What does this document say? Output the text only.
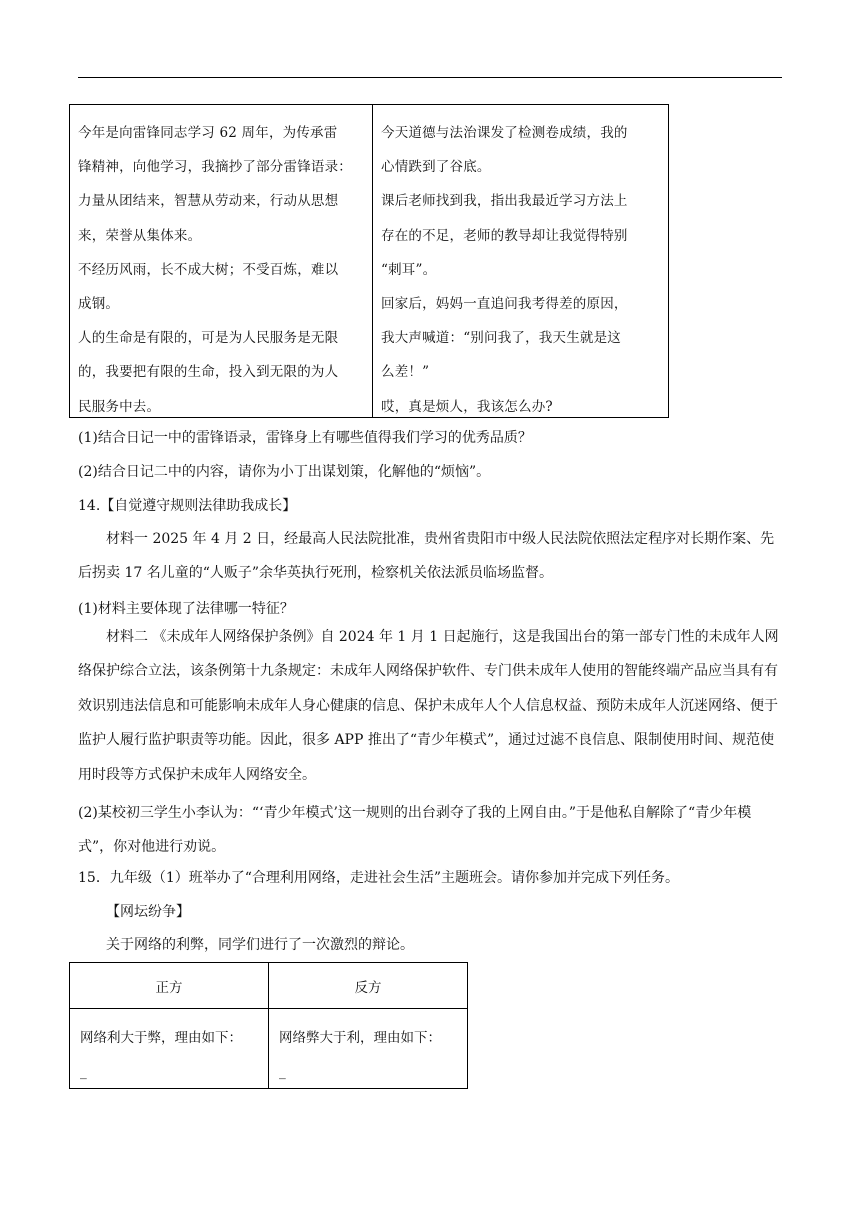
今年是向雷锋同志学习 62 周年，为传承雷

锋精神，向他学习，我摘抄了部分雷锋语录：

力量从团结来，智慧从劳动来，行动从思想

来，荣誉从集体来。

不经历风雨，长不成大树；不受百炼，难以

成钢。

人的生命是有限的，可是为人民服务是无限

的，我要把有限的生命，投入到无限的为人

民服务中去。

今天道德与法治课发了检测卷成绩，我的

心情跌到了谷底。

课后老师找到我，指出我最近学习方法上

存在的不足，老师的教导却让我觉得特别

“刺耳”。

回家后，妈妈一直追问我考得差的原因，

我大声喊道：“别问我了，我天生就是这

么差！”

哎，真是烦人，我该怎么办?

(1)结合日记一中的雷锋语录，雷锋身上有哪些值得我们学习的优秀品质？
(2)结合日记二中的内容，请你为小丁出谋划策，化解他的“烦恼”。
14.【自觉遵守规则法律助我成长】

材料一 2025 年 4 月 2 日，经最高人民法院批准，贵州省贵阳市中级人民法院依照法定程序对长期作案、先后拐卖 17 名儿童的“人贩子”余华英执行死刑，检察机关依法派员临场监督。

(1)材料主要体现了法律哪一特征？

材料二 《未成年人网络保护条例》自 2024 年 1 月 1 日起施行，这是我国出台的第一部专门性的未成年人网络保护综合立法，该条例第十九条规定：未成年人网络保护软件、专门供未成年人使用的智能终端产品应当具有有效识别违法信息和可能影响未成年人身心健康的信息、保护未成年人个人信息权益、预防未成年人沉迷网络、便于监护人履行监护职责等功能。因此，很多 APP 推出了“青少年模式”，通过过滤不良信息、限制使用时间、规范使用时段等方式保护未成年人网络安全。

(2)某校初三学生小李认为：“‘青少年模式’这一规则的出台剥夺了我的上网自由。”于是他私自解除了“青少年模式”，你对他进行劝说。

15．九年级（1）班举办了“合理利用网络，走进社会生活”主题班会。请你参加并完成下列任务。
【网坛纷争】
关于网络的利弊，同学们进行了一次激烈的辩论。
正方	反方
网络利大于弊，理由如下：
_
网络弊大于利，理由如下：
_
